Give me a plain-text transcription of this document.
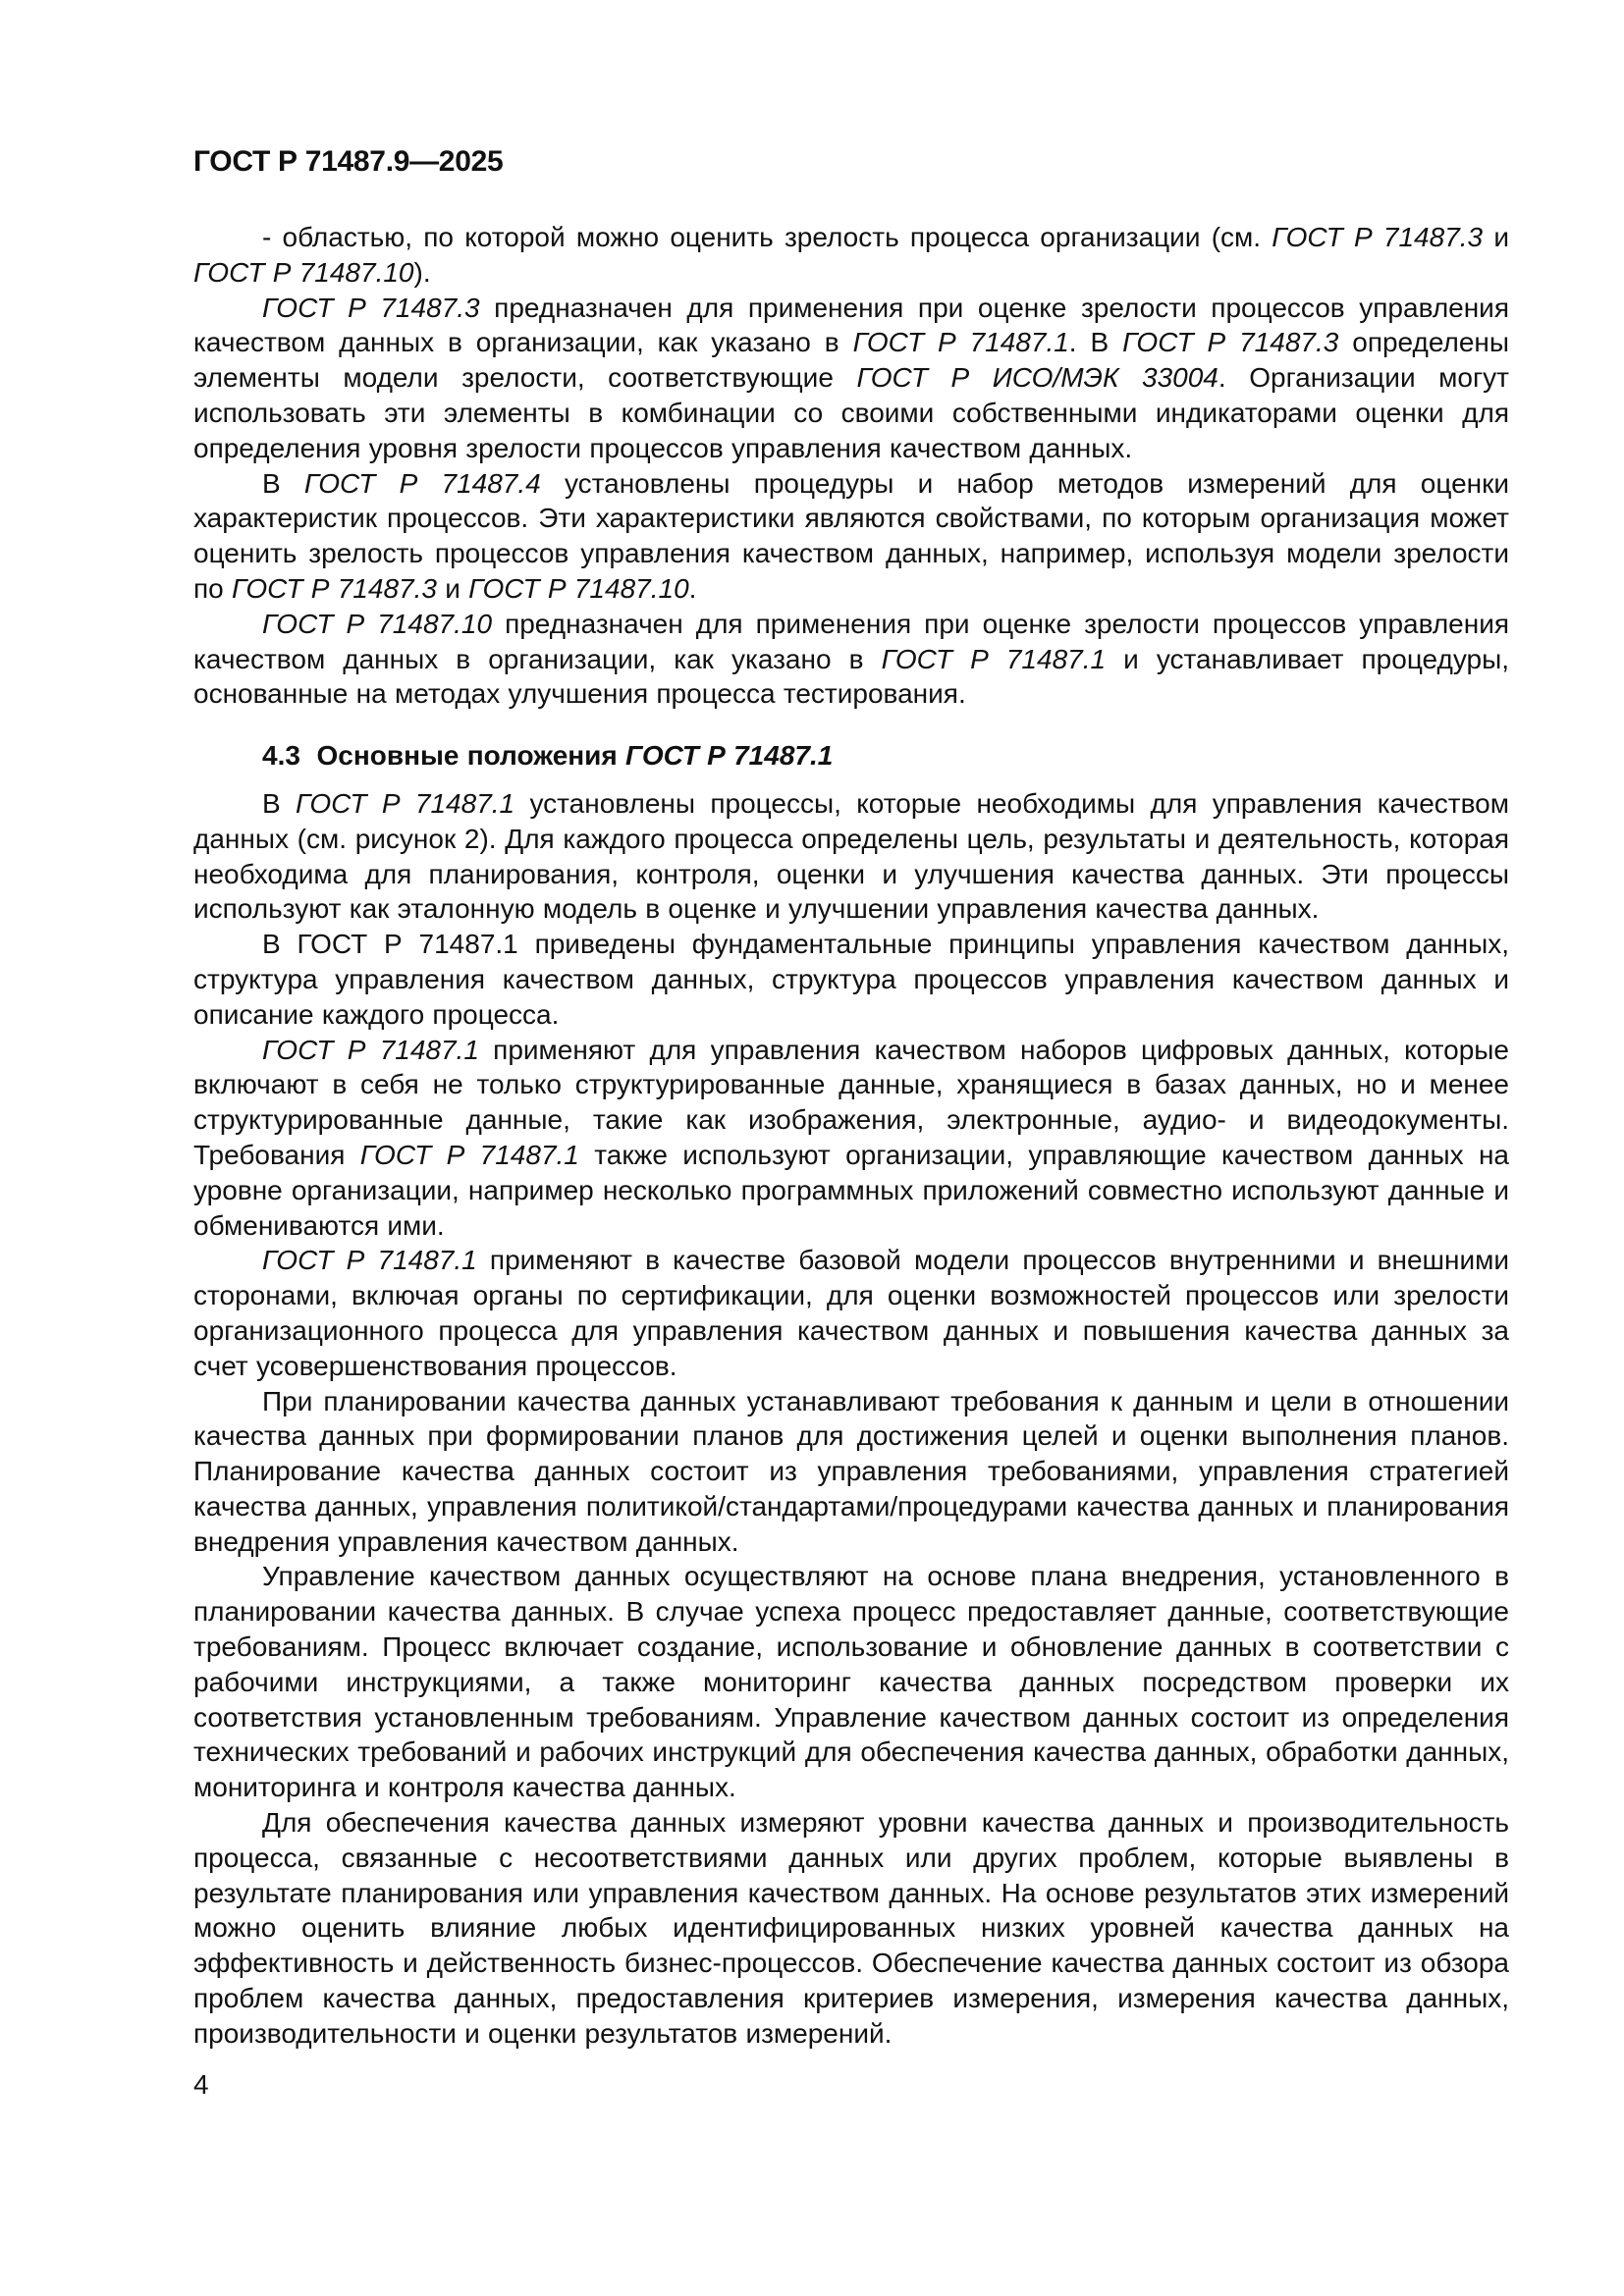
ГОСТ Р 71487.9—2025

- областью, по которой можно оценить зрелость процесса организации (см. ГОСТ Р 71487.3 и ГОСТ Р 71487.10).

ГОСТ Р 71487.3 предназначен для применения при оценке зрелости процессов управления качеством данных в организации, как указано в ГОСТ Р 71487.1. В ГОСТ Р 71487.3 определены элементы модели зрелости, соответствующие ГОСТ Р ИСО/МЭК 33004. Организации могут использовать эти элементы в комбинации со своими собственными индикаторами оценки для определения уровня зрелости процессов управления качеством данных.

В ГОСТ Р 71487.4 установлены процедуры и набор методов измерений для оценки характеристик процессов. Эти характеристики являются свойствами, по которым организация может оценить зрелость процессов управления качеством данных, например, используя модели зрелости по ГОСТ Р 71487.3 и ГОСТ Р 71487.10.

ГОСТ Р 71487.10 предназначен для применения при оценке зрелости процессов управления качеством данных в организации, как указано в ГОСТ Р 71487.1 и устанавливает процедуры, основанные на методах улучшения процесса тестирования.

4.3  Основные положения ГОСТ Р 71487.1

В ГОСТ Р 71487.1 установлены процессы, которые необходимы для управления качеством данных (см. рисунок 2). Для каждого процесса определены цель, результаты и деятельность, которая необходима для планирования, контроля, оценки и улучшения качества данных. Эти процессы используют как эталонную модель в оценке и улучшении управления качества данных.

В ГОСТ Р 71487.1 приведены фундаментальные принципы управления качеством данных, структура управления качеством данных, структура процессов управления качеством данных и описание каждого процесса.

ГОСТ Р 71487.1 применяют для управления качеством наборов цифровых данных, которые включают в себя не только структурированные данные, хранящиеся в базах данных, но и менее структурированные данные, такие как изображения, электронные, аудио- и видеодокументы. Требования ГОСТ Р 71487.1 также используют организации, управляющие качеством данных на уровне организации, например несколько программных приложений совместно используют данные и обмениваются ими.

ГОСТ Р 71487.1 применяют в качестве базовой модели процессов внутренними и внешними сторонами, включая органы по сертификации, для оценки возможностей процессов или зрелости организационного процесса для управления качеством данных и повышения качества данных за счет усовершенствования процессов.

При планировании качества данных устанавливают требования к данным и цели в отношении качества данных при формировании планов для достижения целей и оценки выполнения планов. Планирование качества данных состоит из управления требованиями, управления стратегией качества данных, управления политикой/стандартами/процедурами качества данных и планирования внедрения управления качеством данных.

Управление качеством данных осуществляют на основе плана внедрения, установленного в планировании качества данных. В случае успеха процесс предоставляет данные, соответствующие требованиям. Процесс включает создание, использование и обновление данных в соответствии с рабочими инструкциями, а также мониторинг качества данных посредством проверки их соответствия установленным требованиям. Управление качеством данных состоит из определения технических требований и рабочих инструкций для обеспечения качества данных, обработки данных, мониторинга и контроля качества данных.

Для обеспечения качества данных измеряют уровни качества данных и производительность процесса, связанные с несоответствиями данных или других проблем, которые выявлены в результате планирования или управления качеством данных. На основе результатов этих измерений можно оценить влияние любых идентифицированных низких уровней качества данных на эффективность и действенность бизнес-процессов. Обеспечение качества данных состоит из обзора проблем качества данных, предоставления критериев измерения, измерения качества данных, производительности и оценки результатов измерений.

4
